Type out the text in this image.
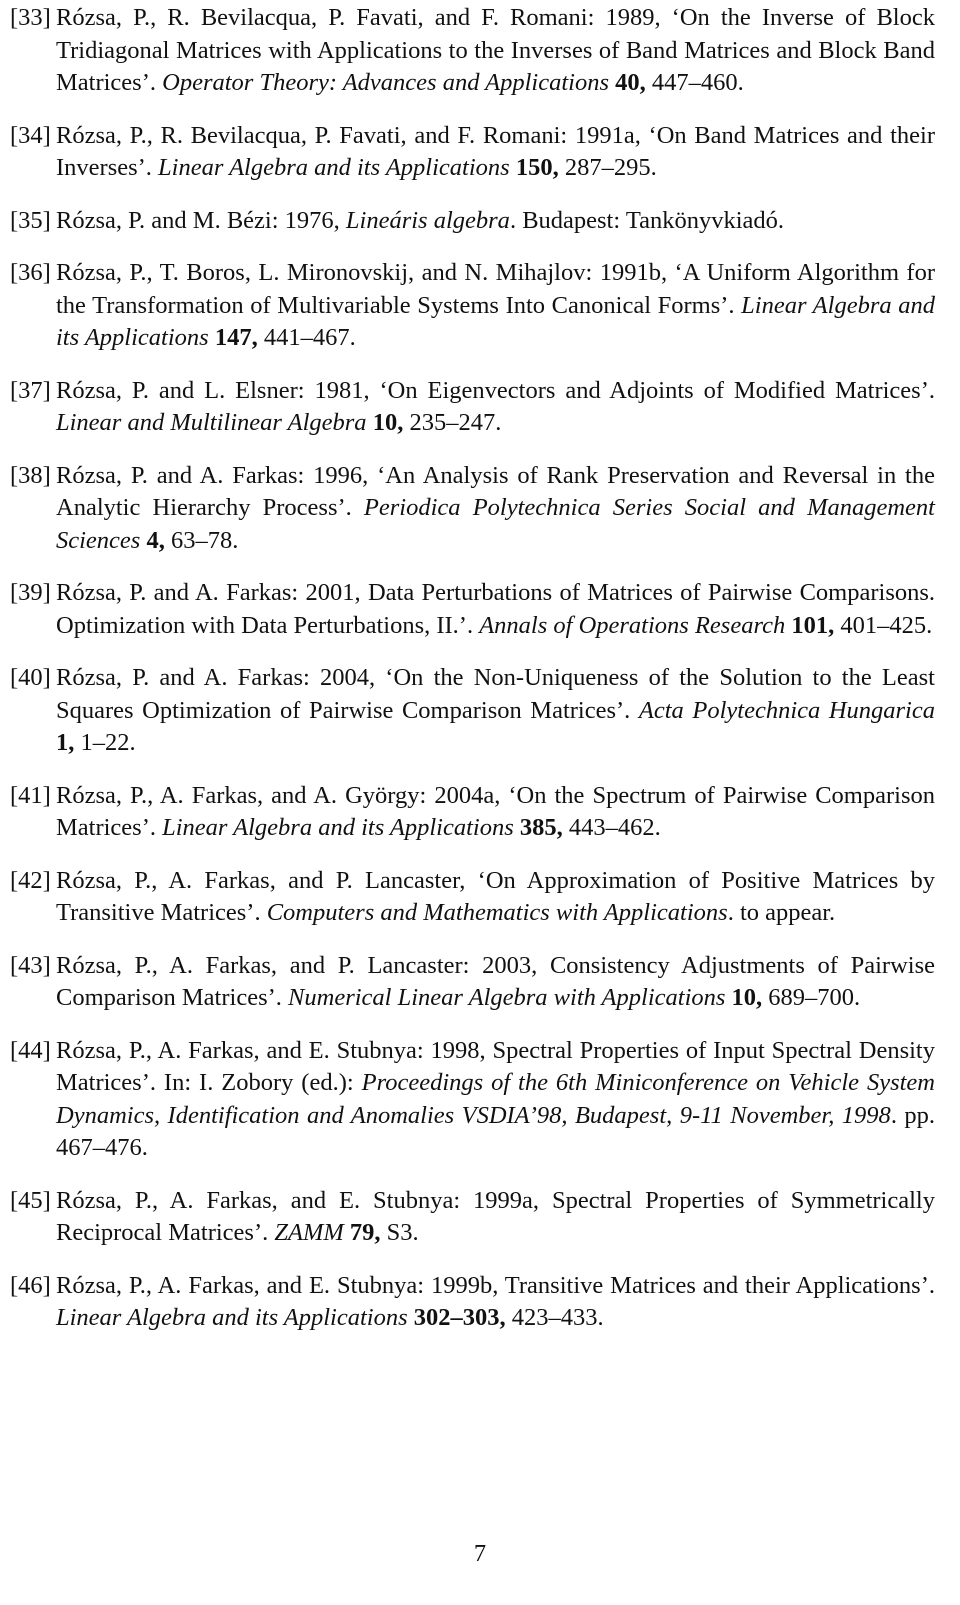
[33] Rózsa, P., R. Bevilacqua, P. Favati, and F. Romani: 1989, ‘On the Inverse of Block Tridiagonal Matrices with Applications to the Inverses of Band Matrices and Block Band Matrices’. Operator Theory: Advances and Applications 40, 447–460.
[34] Rózsa, P., R. Bevilacqua, P. Favati, and F. Romani: 1991a, ‘On Band Matrices and their Inverses’. Linear Algebra and its Applications 150, 287–295.
[35] Rózsa, P. and M. Bézi: 1976, Lineáris algebra. Budapest: Tankönyvkiadó.
[36] Rózsa, P., T. Boros, L. Mironovskij, and N. Mihajlov: 1991b, ‘A Uniform Algorithm for the Transformation of Multivariable Systems Into Canonical Forms’. Linear Algebra and its Applications 147, 441–467.
[37] Rózsa, P. and L. Elsner: 1981, ‘On Eigenvectors and Adjoints of Modified Matrices’. Linear and Multilinear Algebra 10, 235–247.
[38] Rózsa, P. and A. Farkas: 1996, ‘An Analysis of Rank Preservation and Reversal in the Analytic Hierarchy Process’. Periodica Polytechnica Series Social and Management Sciences 4, 63–78.
[39] Rózsa, P. and A. Farkas: 2001, Data Perturbations of Matrices of Pairwise Comparisons. Optimization with Data Perturbations, II.’. Annals of Operations Research 101, 401–425.
[40] Rózsa, P. and A. Farkas: 2004, ‘On the Non-Uniqueness of the Solution to the Least Squares Optimization of Pairwise Comparison Matrices’. Acta Polytechnica Hungarica 1, 1–22.
[41] Rózsa, P., A. Farkas, and A. György: 2004a, ‘On the Spectrum of Pairwise Comparison Matrices’. Linear Algebra and its Applications 385, 443–462.
[42] Rózsa, P., A. Farkas, and P. Lancaster, ‘On Approximation of Positive Matrices by Transitive Matrices’. Computers and Mathematics with Applications. to appear.
[43] Rózsa, P., A. Farkas, and P. Lancaster: 2003, Consistency Adjustments of Pairwise Comparison Matrices’. Numerical Linear Algebra with Applications 10, 689–700.
[44] Rózsa, P., A. Farkas, and E. Stubnya: 1998, Spectral Properties of Input Spectral Density Matrices’. In: I. Zobory (ed.): Proceedings of the 6th Miniconference on Vehicle System Dynamics, Identification and Anomalies VSDIA’98, Budapest, 9-11 November, 1998. pp. 467–476.
[45] Rózsa, P., A. Farkas, and E. Stubnya: 1999a, Spectral Properties of Symmetrically Reciprocal Matrices’. ZAMM 79, S3.
[46] Rózsa, P., A. Farkas, and E. Stubnya: 1999b, Transitive Matrices and their Applications’. Linear Algebra and its Applications 302–303, 423–433.
7
